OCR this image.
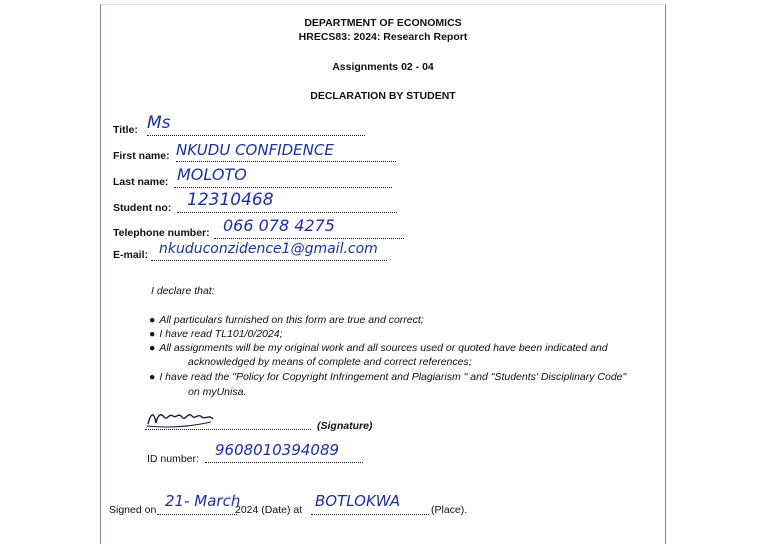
DEPARTMENT OF ECONOMICS
HRECS83: 2024: Research Report
Assignments 02 - 04
DECLARATION BY STUDENT
Title: Ms
First name: NKUDU CONFIDENCE
Last name: MOLOTO
Student no: 12310468
Telephone number: 066 078 4275
E-mail: nkuduconzidence1@gmail.com
I declare that:
● All particulars furnished on this form are true and correct;
● I have read TL101/0/2024;
● All assignments will be my original work and all sources used or quoted have been indicated and
acknowledged by means of complete and correct references;
● I have read the "Policy for Copyright Infringement and Plagiarism " and "Students' Disciplinary Code"
on myUnisa.
(Signature)
ID number: 9608010394089
Signed on 21- March
2024 (Date) at BOTLOKWA	(Place).
